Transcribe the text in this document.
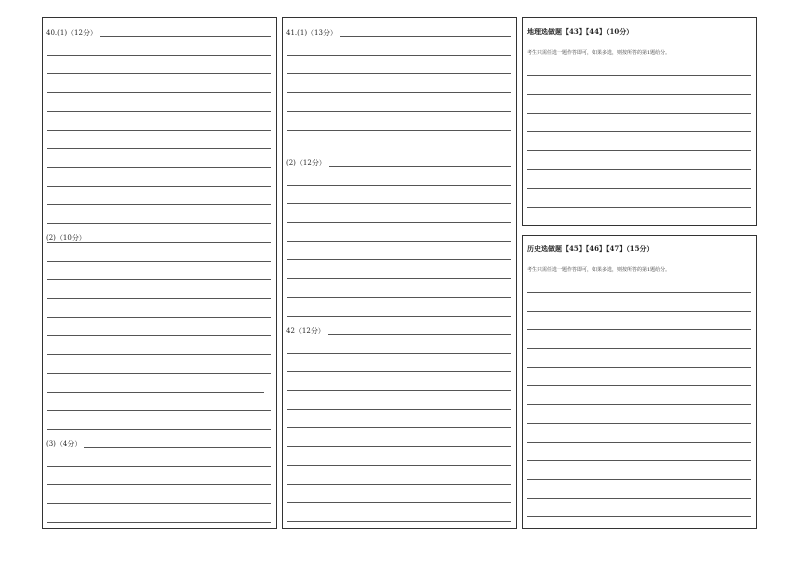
40.(1)（12分）
(2)（10分）
(3)（4分）
41.(1)（13分）
(2)（12分）
42（12分）
地理选做题【43】【44】（10分）
考生只需任选一题作答即可，如果多选，则按所答的第1题给分。
历史选做题【45】【46】【47】（15分）
考生只需任选一题作答即可，如果多选，则按所答的第1题给分。
